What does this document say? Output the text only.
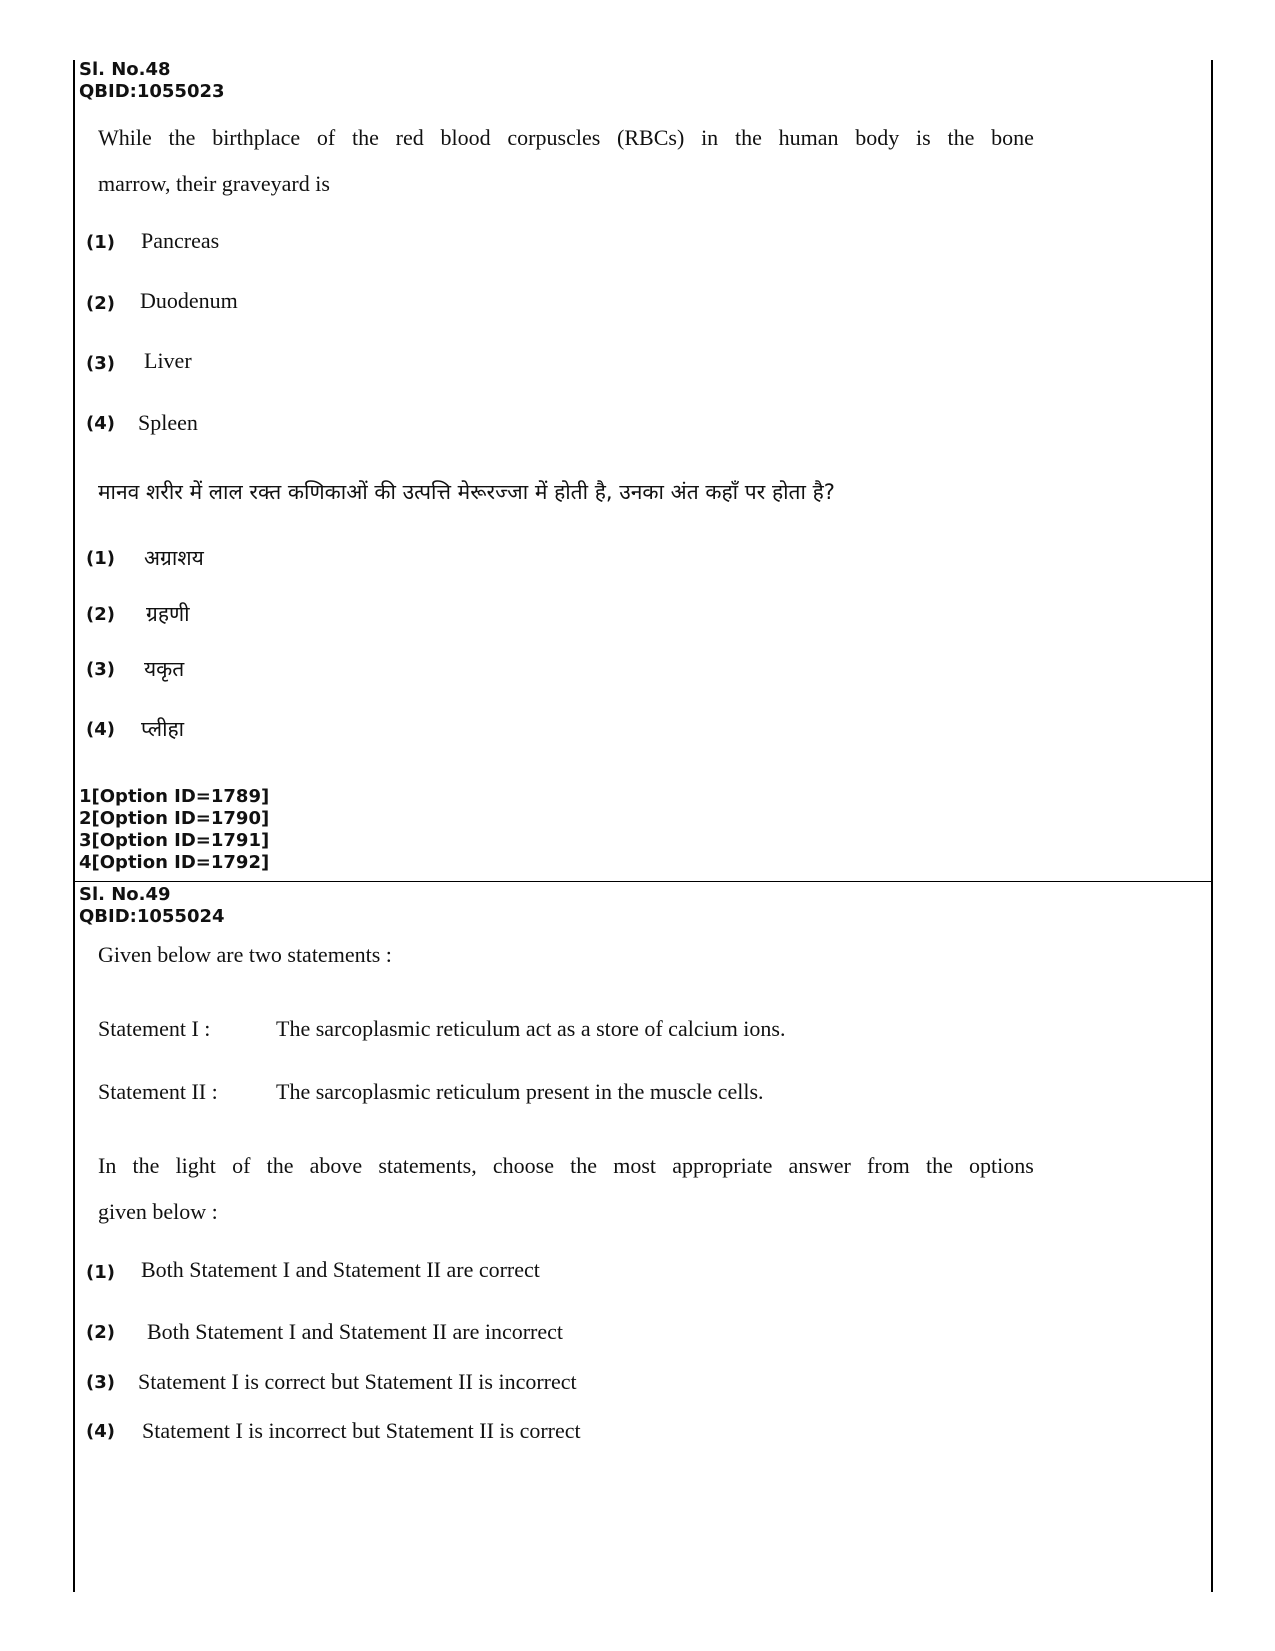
Sl. No.48
QBID:1055023
While the birthplace of the red blood corpuscles (RBCs) in the human body is the bone
marrow, their graveyard is
(1) Pancreas
(2) Duodenum
(3) Liver
(4) Spleen
मानव शरीर में लाल रक्त कणिकाओं की उत्पत्ति मेरूरज्जा में होती है, उनका अंत कहाँ पर होता है?
(1) अग्राशय
(2) ग्रहणी
(3) यकृत
(4) प्लीहा
1[Option ID=1789]
2[Option ID=1790]
3[Option ID=1791]
4[Option ID=1792]
Sl. No.49
QBID:1055024
Given below are two statements :
Statement I :	The sarcoplasmic reticulum act as a store of calcium ions.
Statement II :	The sarcoplasmic reticulum present in the muscle cells.
In the light of the above statements, choose the most appropriate answer from the options
given below :
(1) Both Statement I and Statement II are correct
(2) Both Statement I and Statement II are incorrect
(3) Statement I is correct but Statement II is incorrect
(4) Statement I is incorrect but Statement II is correct
